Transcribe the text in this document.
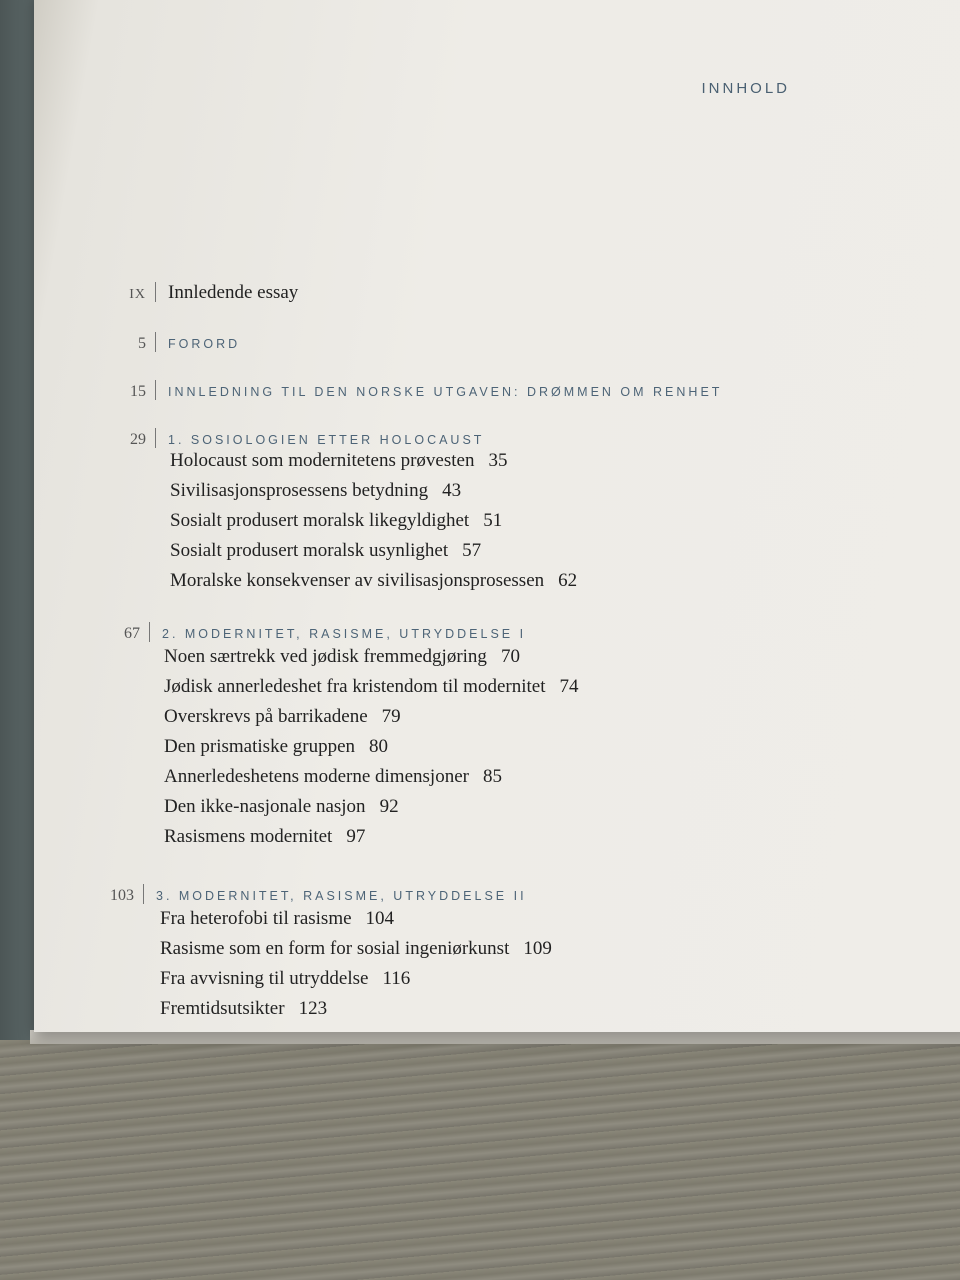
INNHOLD
IX Innledende essay
5 FORORD
15 INNLEDNING TIL DEN NORSKE UTGAVEN: DRØMMEN OM RENHET
29 1. SOSIOLOGIEN ETTER HOLOCAUST
Holocaust som modernitetens prøvesten 35
Sivilisasjonsprosessens betydning 43
Sosialt produsert moralsk likegyldighet 51
Sosialt produsert moralsk usynlighet 57
Moralske konsekvenser av sivilisasjonsprosessen 62
67 2. MODERNITET, RASISME, UTRYDDELSE I
Noen særtrekk ved jødisk fremmedgjøring 70
Jødisk annerledeshet fra kristendom til modernitet 74
Overskrevs på barrikadene 79
Den prismatiske gruppen 80
Annerledeshetens moderne dimensjoner 85
Den ikke-nasjonale nasjon 92
Rasismens modernitet 97
103 3. MODERNITET, RASISME, UTRYDDELSE II
Fra heterofobi til rasisme 104
Rasisme som en form for sosial ingeniørkunst 109
Fra avvisning til utryddelse 116
Fremtidsutsikter 123
